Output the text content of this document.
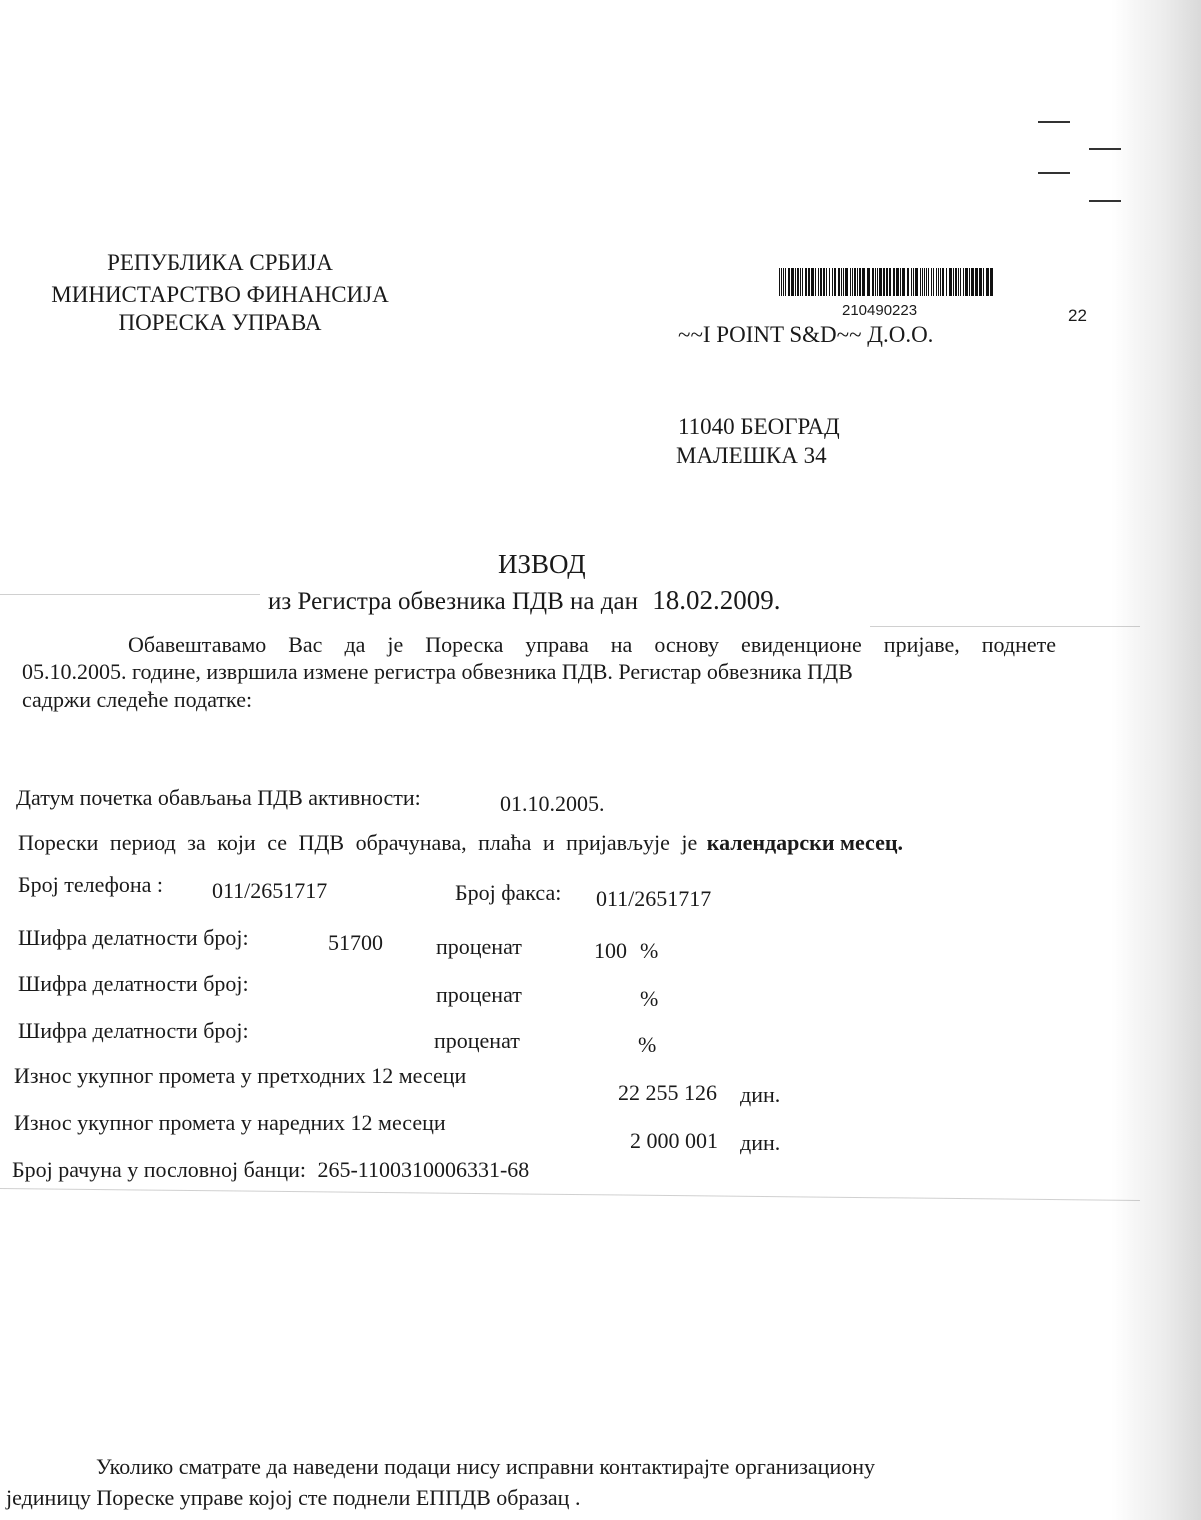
РЕПУБЛИКА СРБИЈА
МИНИСТАРСТВО ФИНАНСИЈА
ПОРЕСКА УПРАВА	210490223	22
~~I POINT S&D~~ Д.О.О.
11040 БЕОГРАД
МАЛЕШКА 34
ИЗВОД
из Регистра обвезника ПДВ на дан 18.02.2009.
Обавештавамо Вас да је Пореска управа на основу евиденционе пријаве, поднете
05.10.2005. године, извршила измене регистра обвезника ПДВ. Регистар обвезника ПДВ
садржи следеће податке:
Датум почетка обављања ПДВ активности:	01.10.2005.
Порески период за који се ПДВ обрачунава, плаћа и пријављује је календарски месец.
Број телефона : 011/2651717	Број факса: 011/2651717
Шифра делатности број:	51700 проценат	100 %
Шифра делатности број:	проценат	%
Шифра делатности број:	проценат	%
Износ укупног промета у претходних 12 месеци
22 255 126 дин.
Износ укупног промета у наредних 12 месеци
2 000 001 дин.
Број рачуна у пословној банци: 265-1100310006331-68
Уколико сматрате да наведени подаци нису исправни контактирајте организациону
јединицу Пореске управе којој сте поднели ЕППДВ образац .
